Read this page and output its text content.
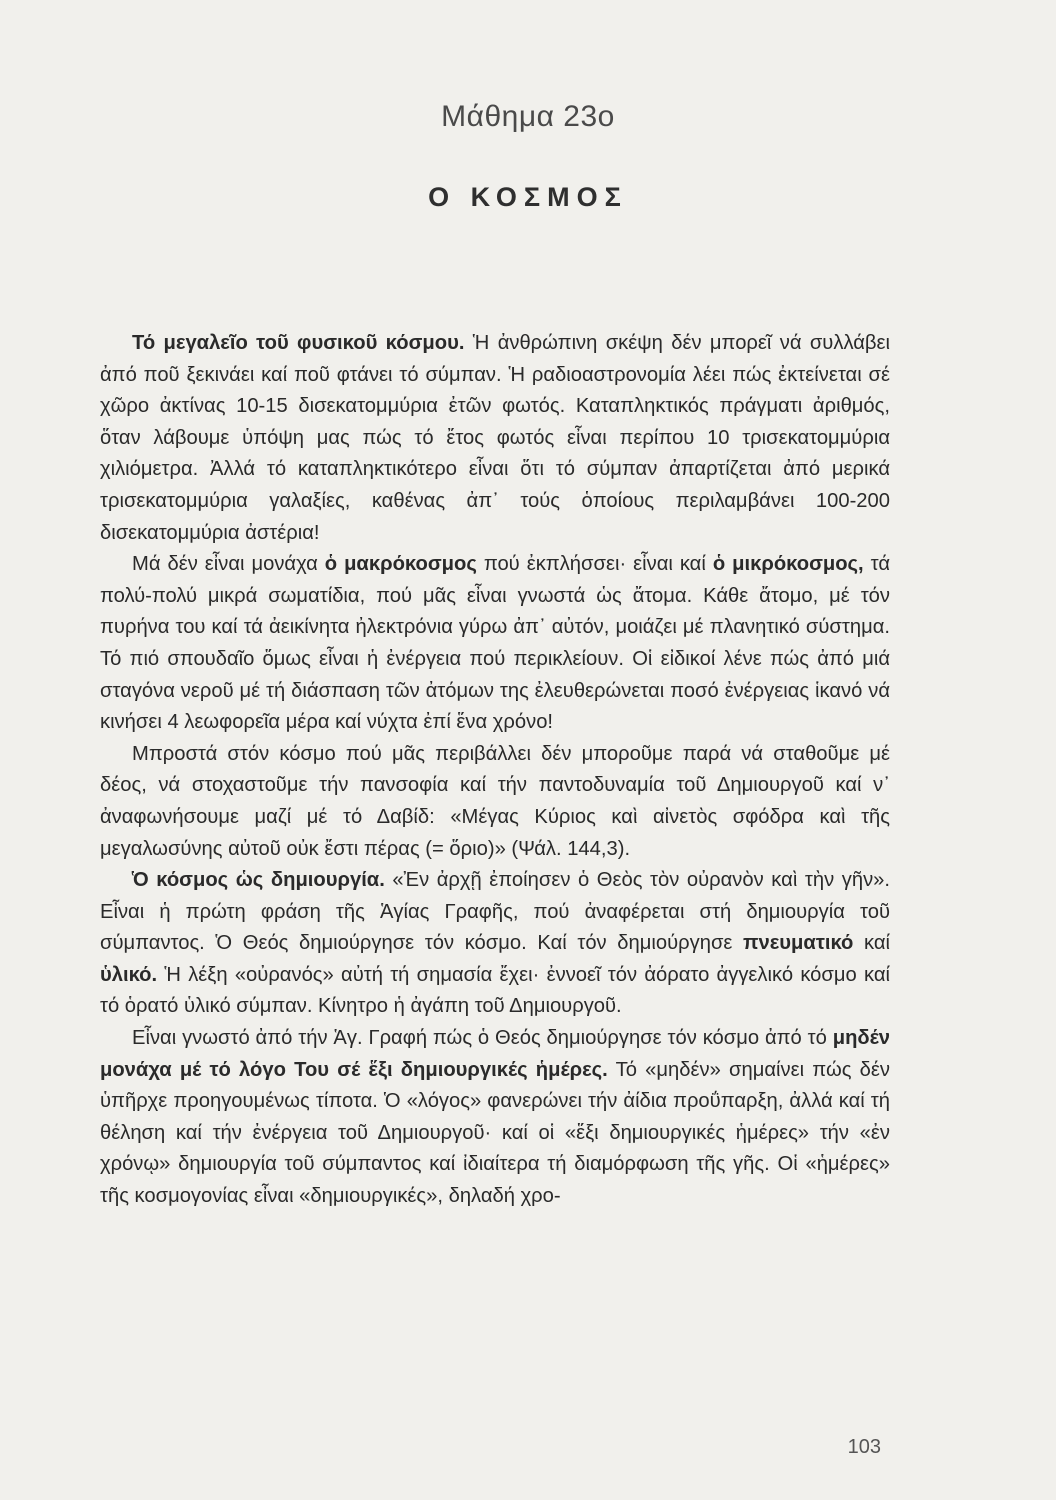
Μάθημα 23ο
Ο ΚΟΣΜΟΣ

Τό μεγαλεῖο τοῦ φυσικοῦ κόσμου. Ἡ ἀνθρώπινη σκέψη δέν μπορεῖ νά συλλάβει ἀπό ποῦ ξεκινάει καί ποῦ φτάνει τό σύμπαν. Ἡ ραδιοαστρονομία λέει πώς ἐκτείνεται σέ χῶρο ἀκτίνας 10-15 δισεκατομμύρια ἐτῶν φωτός. Καταπληκτικός πράγματι ἀριθμός, ὅταν λάβουμε ὑπόψη μας πώς τό ἔτος φωτός εἶναι περίπου 10 τρισεκατομμύρια χιλιόμετρα. Ἀλλά τό καταπληκτικότερο εἶναι ὅτι τό σύμπαν ἀπαρτίζεται ἀπό μερικά τρισεκατομμύρια γαλαξίες, καθένας ἀπ᾿ τούς ὁποίους περιλαμβάνει 100-200 δισεκατομμύρια ἀστέρια!

Μά δέν εἶναι μονάχα ὁ μακρόκοσμος πού ἐκπλήσσει· εἶναι καί ὁ μικρόκοσμος, τά πολύ-πολύ μικρά σωματίδια, πού μᾶς εἶναι γνωστά ὡς ἄτομα. Κάθε ἄτομο, μέ τόν πυρήνα του καί τά ἀεικίνητα ἠλεκτρόνια γύρω ἀπ᾿ αὐτόν, μοιάζει μέ πλανητικό σύστημα. Τό πιό σπουδαῖο ὅμως εἶναι ἡ ἐνέργεια πού περικλείουν. Οἱ εἰδικοί λένε πώς ἀπό μιά σταγόνα νεροῦ μέ τή διάσπαση τῶν ἀτόμων της ἐλευθερώνεται ποσό ἐνέργειας ἱκανό νά κινήσει 4 λεωφορεῖα μέρα καί νύχτα ἐπί ἕνα χρόνο!

Μπροστά στόν κόσμο πού μᾶς περιβάλλει δέν μποροῦμε παρά νά σταθοῦμε μέ δέος, νά στοχαστοῦμε τήν πανσοφία καί τήν παντοδυναμία τοῦ Δημιουργοῦ καί ν᾿ ἀναφωνήσουμε μαζί μέ τό Δαβίδ: «Μέγας Κύριος καὶ αἰνετὸς σφόδρα καὶ τῆς μεγαλωσύνης αὐτοῦ οὐκ ἔστι πέρας (= ὅριο)» (Ψάλ. 144,3).

Ὁ κόσμος ὡς δημιουργία. «Ἐν ἀρχῇ ἐποίησεν ὁ Θεὸς τὸν οὐρανὸν καὶ τὴν γῆν». Εἶναι ἡ πρώτη φράση τῆς Ἁγίας Γραφῆς, πού ἀναφέρεται στή δημιουργία τοῦ σύμπαντος. Ὁ Θεός δημιούργησε τόν κόσμο. Καί τόν δημιούργησε πνευματικό καί ὑλικό. Ἡ λέξη «οὐρανός» αὐτή τή σημασία ἔχει· ἐννοεῖ τόν ἀόρατο ἀγγελικό κόσμο καί τό ὁρατό ὑλικό σύμπαν. Κίνητρο ἡ ἀγάπη τοῦ Δημιουργοῦ.

Εἶναι γνωστό ἀπό τήν Ἁγ. Γραφή πώς ὁ Θεός δημιούργησε τόν κόσμο ἀπό τό μηδέν μονάχα μέ τό λόγο Του σέ ἕξι δημιουργικές ἡμέρες. Τό «μηδέν» σημαίνει πώς δέν ὑπῆρχε προηγουμένως τίποτα. Ὁ «λόγος» φανερώνει τήν ἀίδια προΰπαρξη, ἀλλά καί τή θέληση καί τήν ἐνέργεια τοῦ Δημιουργοῦ· καί οἱ «ἕξι δημιουργικές ἡμέρες» τήν «ἐν χρόνῳ» δημιουργία τοῦ σύμπαντος καί ἰδιαίτερα τή διαμόρφωση τῆς γῆς. Οἱ «ἡμέρες» τῆς κοσμογονίας εἶναι «δημιουργικές», δηλαδή χρο-

103
